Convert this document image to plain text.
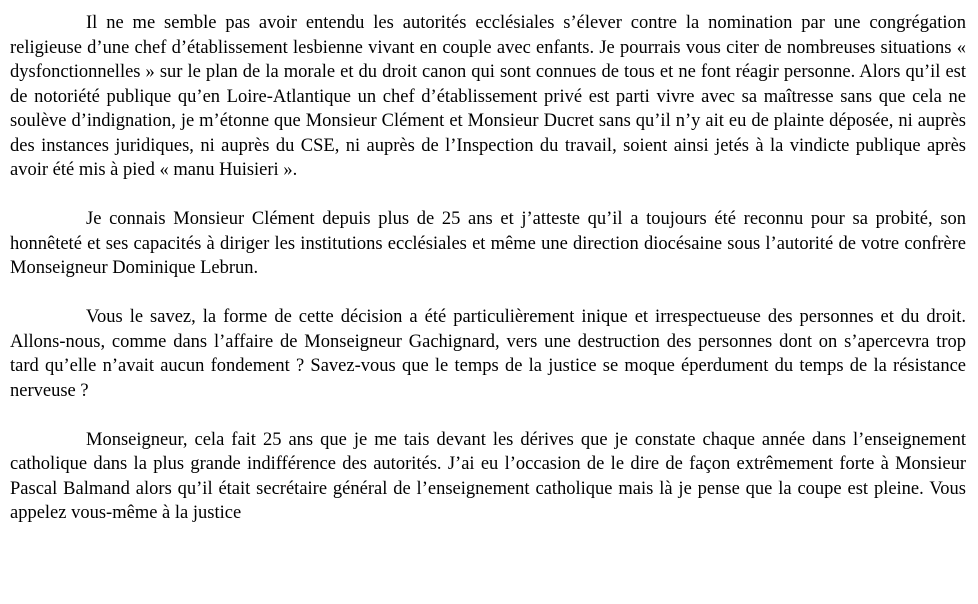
Il ne me semble pas avoir entendu les autorités ecclésiales s’élever contre la nomination par une congrégation religieuse d’une chef d’établissement lesbienne vivant en couple avec enfants. Je pourrais vous citer de nombreuses situations « dysfonctionnelles » sur le plan de la morale et du droit canon qui sont connues de tous et ne font réagir personne. Alors qu’il est de notoriété publique qu’en Loire-Atlantique un chef d’établissement privé est parti vivre avec sa maîtresse sans que cela ne soulève d’indignation, je m’étonne que Monsieur Clément et Monsieur Ducret sans qu’il n’y ait eu de plainte déposée, ni auprès des instances juridiques, ni auprès du CSE, ni auprès de l’Inspection du travail, soient ainsi jetés à la vindicte publique après avoir été mis à pied « manu Huisieri ».

Je connais Monsieur Clément depuis plus de 25 ans et j’atteste qu’il a toujours été reconnu pour sa probité, son honnêteté et ses capacités à diriger les institutions ecclésiales et même une direction diocésaine sous l’autorité de votre confrère Monseigneur Dominique Lebrun.

Vous le savez, la forme de cette décision a été particulièrement inique et irrespectueuse des personnes et du droit. Allons-nous, comme dans l’affaire de Monseigneur Gachignard, vers une destruction des personnes dont on s’apercevra trop tard qu’elle n’avait aucun fondement ? Savez-vous que le temps de la justice se moque éperdument du temps de la résistance nerveuse ?

Monseigneur, cela fait 25 ans que je me tais devant les dérives que je constate chaque année dans l’enseignement catholique dans la plus grande indifférence des autorités. J’ai eu l’occasion de le dire de façon extrêmement forte à Monsieur Pascal Balmand alors qu’il était secrétaire général de l’enseignement catholique mais là je pense que la coupe est pleine. Vous appelez vous-même à la justice
